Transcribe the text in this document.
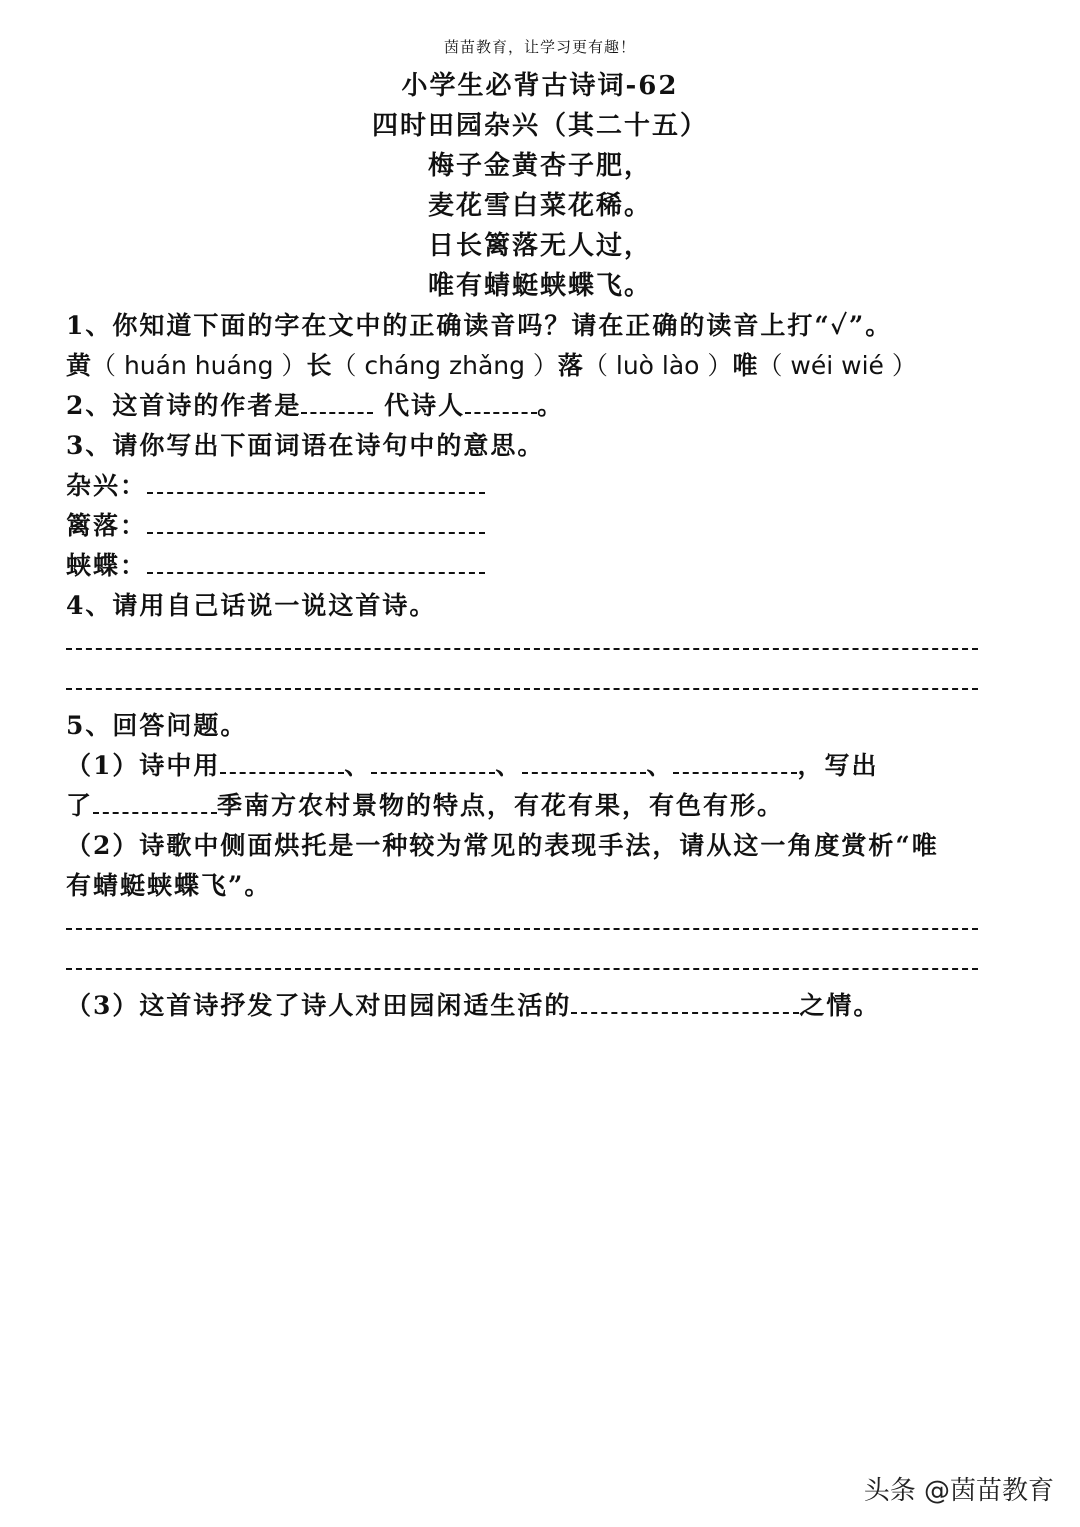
茵苗教育，让学习更有趣！
小学生必背古诗词-62
四时田园杂兴（其二十五）
梅子金黄杏子肥，
麦花雪白菜花稀。
日长篱落无人过，
唯有蜻蜓蛱蝶飞。
1、你知道下面的字在文中的正确读音吗？请在正确的读音上打“✓”。
黄（ huán huáng ）长（ cháng zhǎng ）落（ luò lào ）唯（ wéi wié ）
2、这首诗的作者是	代诗人	。
3、请你写出下面词语在诗句中的意思。
杂兴：
篱落：
蛱蝶：
4、请用自己话说一说这首诗。
5、回答问题。
（1）诗中用	、	、	、	，写出
了	季南方农村景物的特点，有花有果，有色有形。
（2）诗歌中侧面烘托是一种较为常见的表现手法，请从这一角度赏析“唯
有蜻蜓蛱蝶飞”。
（3）这首诗抒发了诗人对田园闲适生活的	之情。
头条 @茵苗教育
